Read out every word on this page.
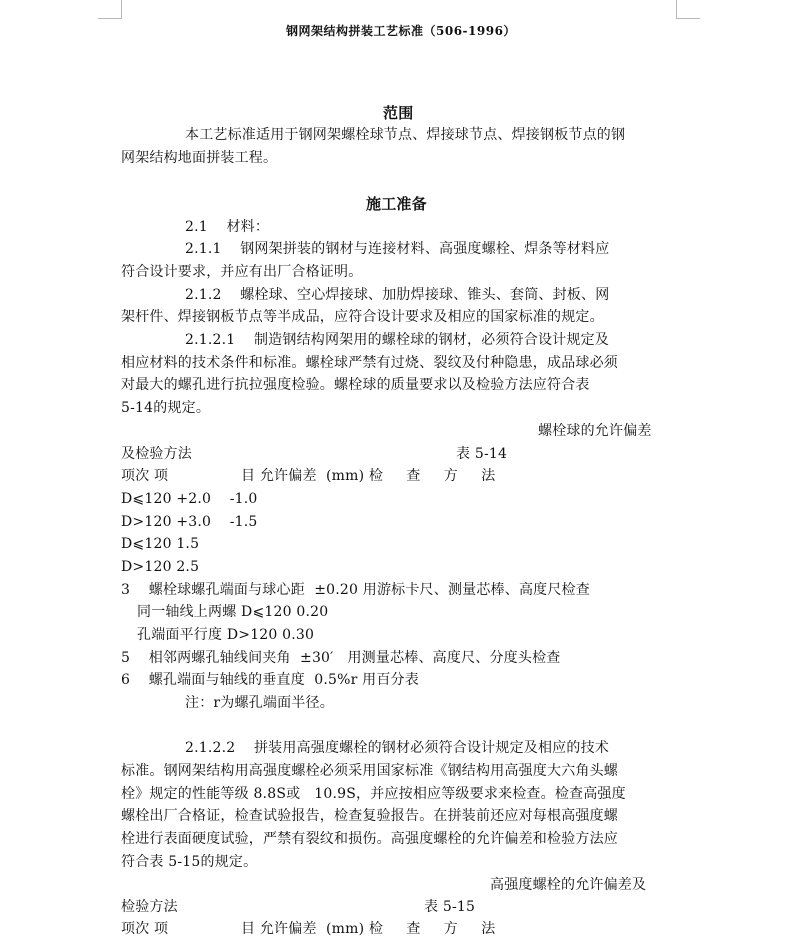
钢网架结构拼装工艺标准（506-1996）
范围
本工艺标准适用于钢网架螺栓球节点、焊接球节点、焊接钢板节点的钢
网架结构地面拼装工程。
施工准备
2.1    材料：
2.1.1    钢网架拼装的钢材与连接材料、高强度螺栓、焊条等材料应
符合设计要求，并应有出厂合格证明。
2.1.2    螺栓球、空心焊接球、加肋焊接球、锥头、套筒、封板、网
架杆件、焊接钢板节点等半成品，应符合设计要求及相应的国家标准的规定。
2.1.2.1    制造钢结构网架用的螺栓球的钢材，必须符合设计规定及
相应材料的技术条件和标准。螺栓球严禁有过烧、裂纹及付种隐患，成品球必须
对最大的螺孔进行抗拉强度检验。螺栓球的质量要求以及检验方法应符合表
5-14的规定。
螺栓球的允许偏差
及检验方法	表 5-14
项次 项	目 允许偏差  (mm) 检     查     方     法
D⩽120 +2.0    -1.0
D>120 +3.0    -1.5
D⩽120 1.5
D>120 2.5
3    螺栓球螺孔端面与球心距  ±0.20 用游标卡尺、测量芯棒、高度尺检查
同一轴线上两螺 D⩽120 0.20
孔端面平行度 D>120 0.30
5    相邻两螺孔轴线间夹角  ±30′   用测量芯棒、高度尺、分度头检查
6    螺孔端面与轴线的垂直度  0.5%r 用百分表
注：r为螺孔端面半径。
2.1.2.2    拼装用高强度螺栓的钢材必须符合设计规定及相应的技术
标准。钢网架结构用高强度螺栓必须采用国家标准《钢结构用高强度大六角头螺
栓》规定的性能等级 8.8S或   10.9S，并应按相应等级要求来检查。检查高强度
螺栓出厂合格证，检查试验报告，检查复验报告。在拼装前还应对每根高强度螺
栓进行表面硬度试验，严禁有裂纹和损伤。高强度螺栓的允许偏差和检验方法应
符合表 5-15的规定。
高强度螺栓的允许偏差及
检验方法	表 5-15
项次 项	目 允许偏差  (mm) 检     查     方     法
